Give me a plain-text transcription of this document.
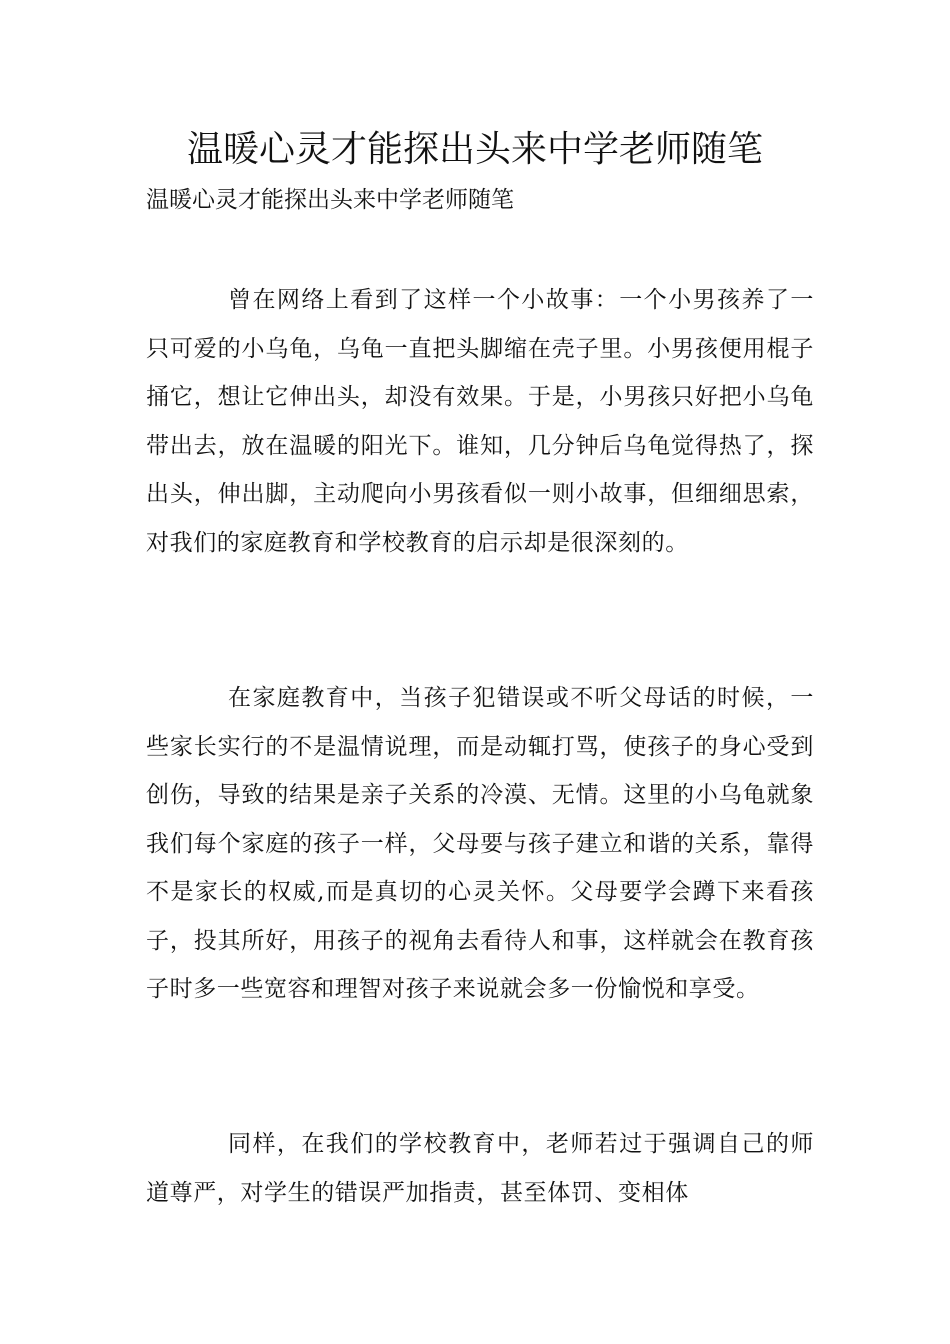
温暖心灵才能探出头来中学老师随笔

温暖心灵才能探出头来中学老师随笔

曾在网络上看到了这样一个小故事：一个小男孩养了一只可爱的小乌龟，乌龟一直把头脚缩在壳子里。小男孩便用棍子捅它，想让它伸出头，却没有效果。于是，小男孩只好把小乌龟带出去，放在温暖的阳光下。谁知，几分钟后乌龟觉得热了，探出头，伸出脚，主动爬向小男孩看似一则小故事，但细细思索，对我们的家庭教育和学校教育的启示却是很深刻的。

在家庭教育中，当孩子犯错误或不听父母话的时候，一些家长实行的不是温情说理，而是动辄打骂，使孩子的身心受到创伤，导致的结果是亲子关系的冷漠、无情。这里的小乌龟就象我们每个家庭的孩子一样，父母要与孩子建立和谐的关系，靠得不是家长的权威,而是真切的心灵关怀。父母要学会蹲下来看孩子，投其所好，用孩子的视角去看待人和事，这样就会在教育孩子时多一些宽容和理智对孩子来说就会多一份愉悦和享受。

同样，在我们的学校教育中，老师若过于强调自己的师道尊严，对学生的错误严加指责，甚至体罚、变相体
